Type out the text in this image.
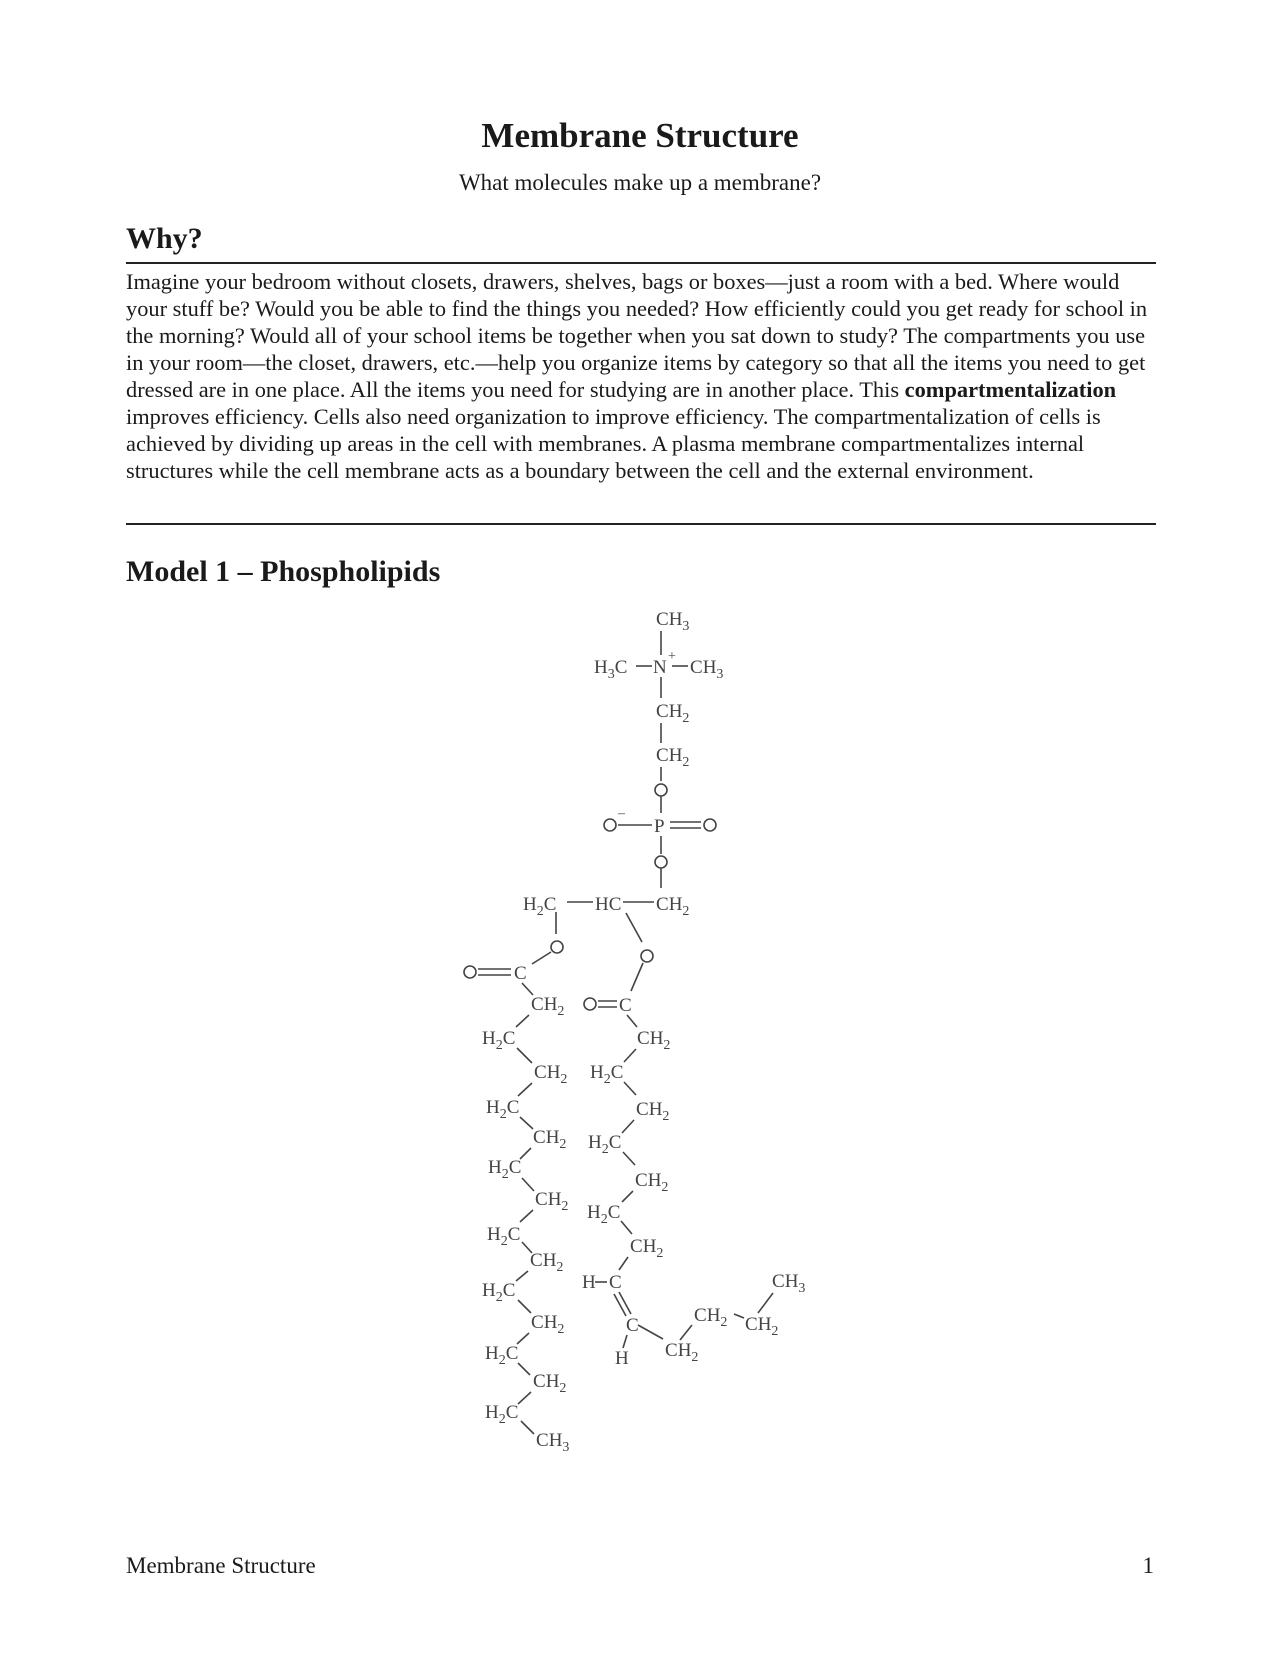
Membrane Structure

What molecules make up a membrane?

Why?

Imagine your bedroom without closets, drawers, shelves, bags or boxes—just a room with a bed. Where would your stuff be? Would you be able to find the things you needed? How efficiently could you get ready for school in the morning? Would all of your school items be together when you sat down to study? The compartments you use in your room—the closet, drawers, etc.—help you organize items by category so that all the items you need to get dressed are in one place. All the items you need for studying are in another place. This compartmentalization improves efficiency. Cells also need organization to improve efficiency. The compartmentalization of cells is achieved by dividing up areas in the cell with membranes. A plasma membrane compartmentalizes internal structures while the cell membrane acts as a boundary between the cell and the external environment.

Model 1 – Phospholipids
$CH_3$
$H_3C$ N
+
$CH_3$
$CH_2$
$CH_2$
–
P
$H_2C$ HC $CH_2$
C
$CH_2$
$H_2C$
$CH_2$
$H_2C$
$CH_2$
$H_2C$
$CH_2$
$H_2C$
$CH_2$
$H_2C$
$CH_2$
$H_2C$
$CH_2$
$H_2C$
$CH_3$
C
$CH_2$
$H_2C$
$CH_2$
$H_2C$
$CH_2$
$H_2C$
$CH_2$
H C
C
H $CH_2$
$CH_2$ $CH_2$
$CH_3$

Membrane Structure	1
